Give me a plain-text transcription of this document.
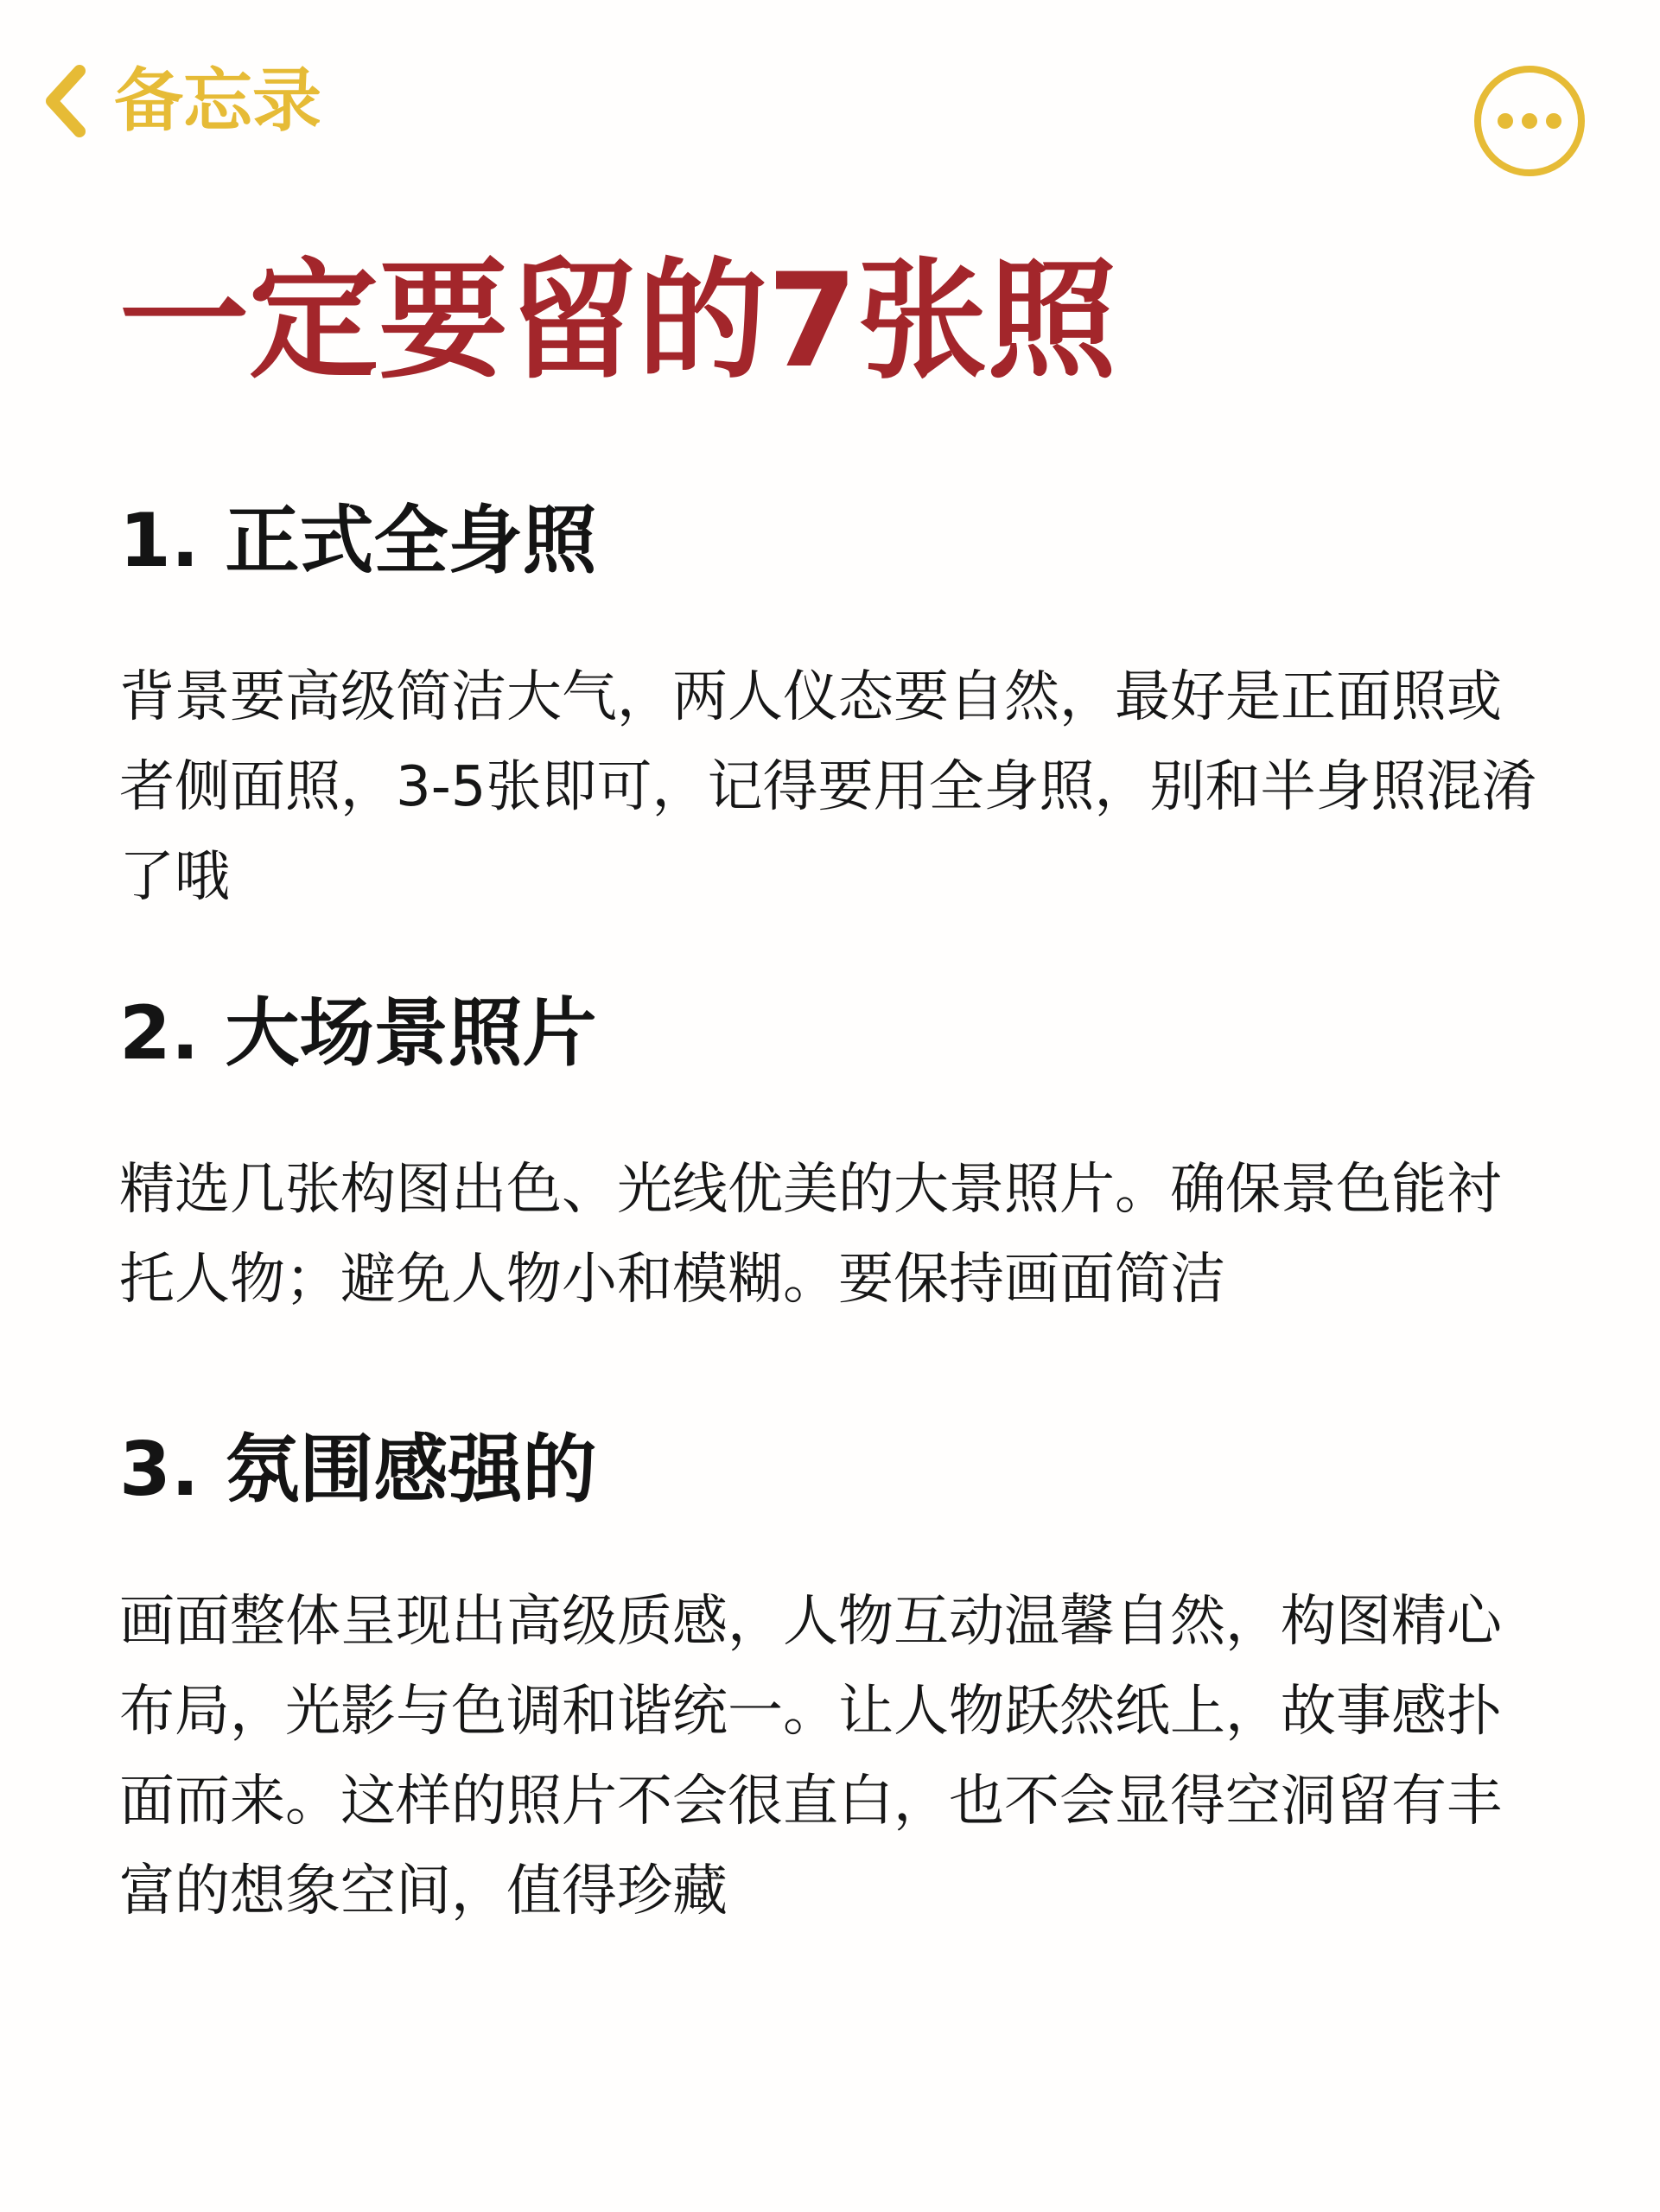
备忘录
一定要留的7张照
1. 正式全身照

背景要高级简洁大气，两人仪态要自然，最好是正面照或者侧面照，3-5张即可，记得要用全身照，别和半身照混淆了哦

2. 大场景照片

精选几张构图出色、光线优美的大景照片。确保景色能衬托人物；避免人物小和模糊。要保持画面简洁

3. 氛围感强的

画面整体呈现出高级质感，人物互动温馨自然，构图精心布局，光影与色调和谐统一。让人物跃然纸上，故事感扑面而来。这样的照片不会很直白，也不会显得空洞留有丰富的想象空间，值得珍藏
